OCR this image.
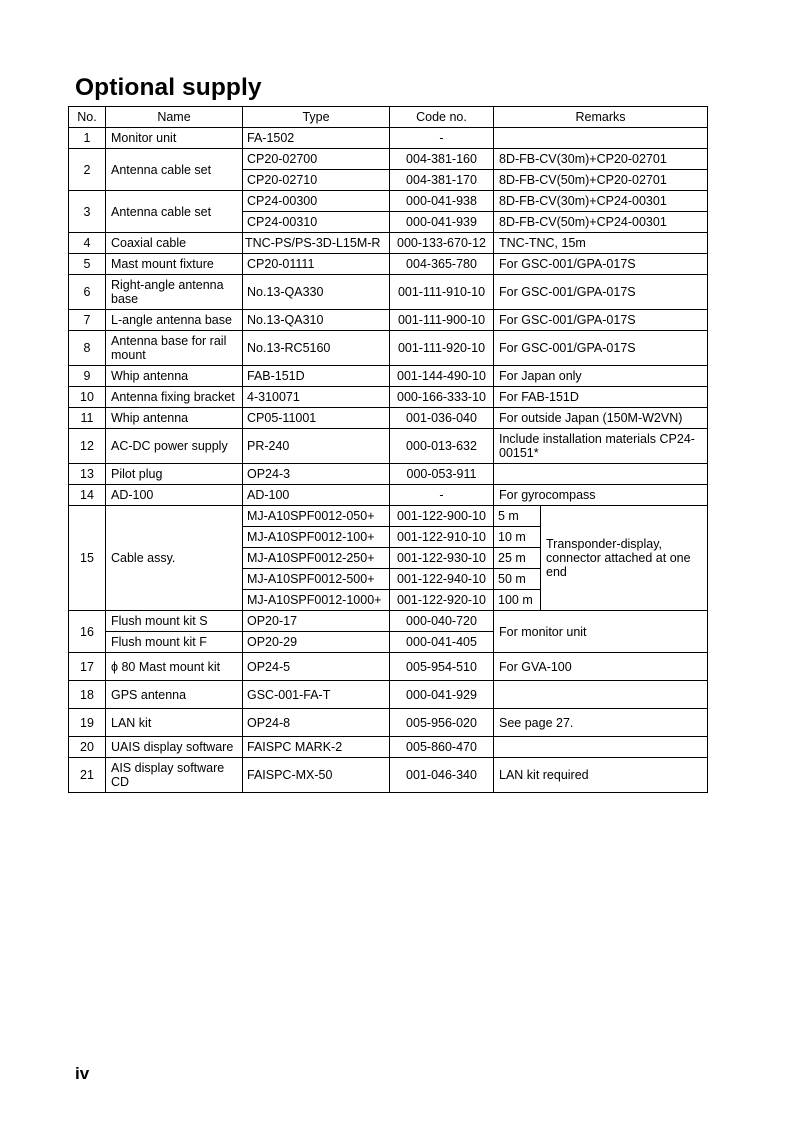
Optional supply
No.	Name	Type	Code no.	Remarks	
1	Monitor unit	FA-1502	-		
2	Antenna cable set	CP20-02700	004-381-160	8D-FB-CV(30m)+CP20-02701	
		CP20-02710	004-381-170	8D-FB-CV(50m)+CP20-02701	
3	Antenna cable set	CP24-00300	000-041-938	8D-FB-CV(30m)+CP24-00301	
		CP24-00310	000-041-939	8D-FB-CV(50m)+CP24-00301	
4	Coaxial cable	TNC-PS/PS-3D-L15M-R	000-133-670-12	TNC-TNC, 15m	
5	Mast mount fixture	CP20-01111	004-365-780	For GSC-001/GPA-017S	
6	Right-angle antenna base	No.13-QA330	001-111-910-10	For GSC-001/GPA-017S	
7	L-angle antenna base	No.13-QA310	001-111-900-10	For GSC-001/GPA-017S	
8	Antenna base for rail mount	No.13-RC5160	001-111-920-10	For GSC-001/GPA-017S	
9	Whip antenna	FAB-151D	001-144-490-10	For Japan only	
10	Antenna fixing bracket	4-310071	000-166-333-10	For FAB-151D	
11	Whip antenna	CP05-11001	001-036-040	For outside Japan (150M-W2VN)	
12	AC-DC power supply	PR-240	000-013-632	Include installation materials CP24-00151*	
13	Pilot plug	OP24-3	000-053-911		
14	AD-100	AD-100	-	For gyrocompass	
15	Cable assy.	MJ-A10SPF0012-050+	001-122-900-10	5 m	Transponder-display, connector attached at one end
		MJ-A10SPF0012-100+	001-122-910-10	10 m	
		MJ-A10SPF0012-250+	001-122-930-10	25 m	
		MJ-A10SPF0012-500+	001-122-940-10	50 m	
		MJ-A10SPF0012-1000+	001-122-920-10	100 m	
16	Flush mount kit S	OP20-17	000-040-720	For monitor unit	
	Flush mount kit F	OP20-29	000-041-405		
17	ϕ 80 Mast mount kit	OP24-5	005-954-510	For GVA-100	
18	GPS antenna	GSC-001-FA-T	000-041-929		
19	LAN kit	OP24-8	005-956-020	See page 27.	
20	UAIS display software	FAISPC MARK-2	005-860-470		
21	AIS display software CD	FAISPC-MX-50	001-046-340	LAN kit required	
iv
